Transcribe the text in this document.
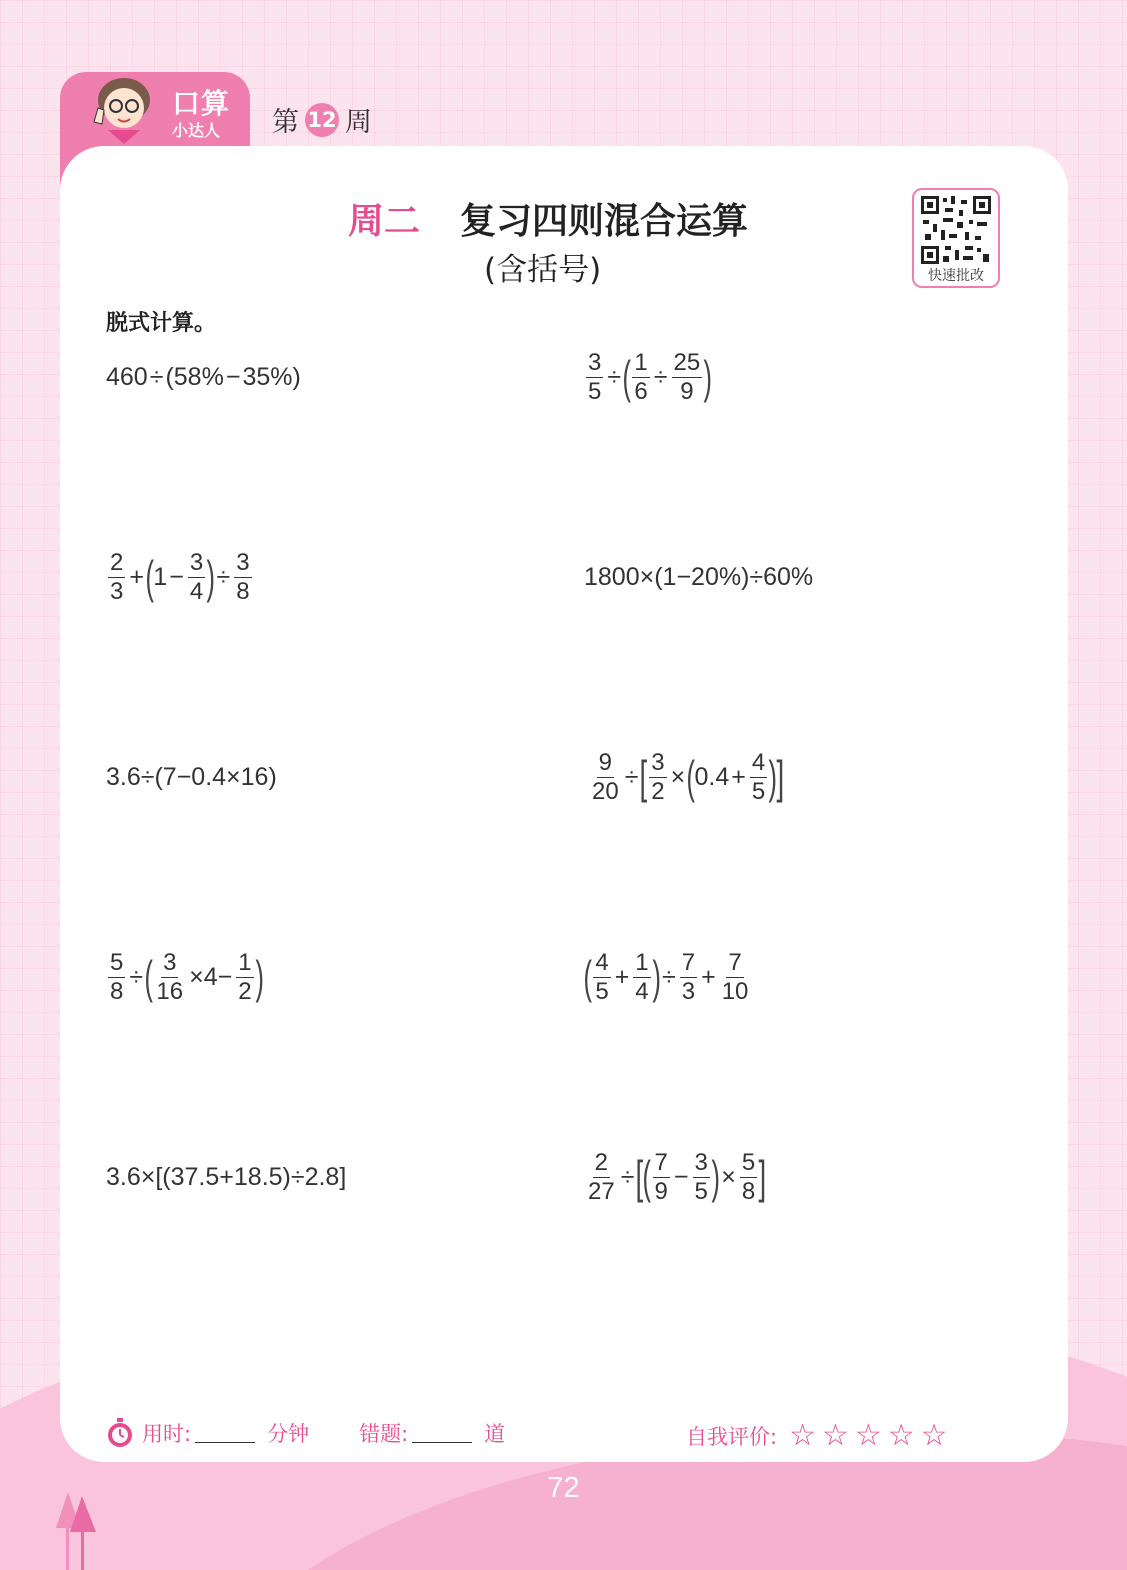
口算
小达人 第 12 周
周二 复习四则混合运算
(含括号)	快速批改
脱式计算。
460 ÷ (58% − 35%)	$\frac{3}{5}$ ÷ ( $\frac{1}{6} \div \frac{25}{9}$ )
$\frac{2}{3}$ + ( $1 - \frac{3}{4}$ ) ÷ $\frac{3}{8}$	1800×(1−20%)÷60%
3.6÷(7−0.4×16)	$\frac{9}{20}$ ÷ [ $\frac{3}{2}$ × ( $0.4 + \frac{4}{5}$ ) ]
$\frac{5}{8}$ ÷ ( $\frac{3}{16} \times 4- \frac{1}{2}$ )	( $\frac{4}{5} + \frac{1}{4}$ ) ÷ $\frac{7}{3} + \frac{7}{10}$
3.6×[(37.5+18.5)÷2.8]	$\frac{2}{27}$ ÷ [ ( $\frac{7}{9} - \frac{3}{5}$ ) × $\frac{5}{8}$ ]
用时:	分钟 错题:	道	自我评价: ☆☆☆☆☆
72
